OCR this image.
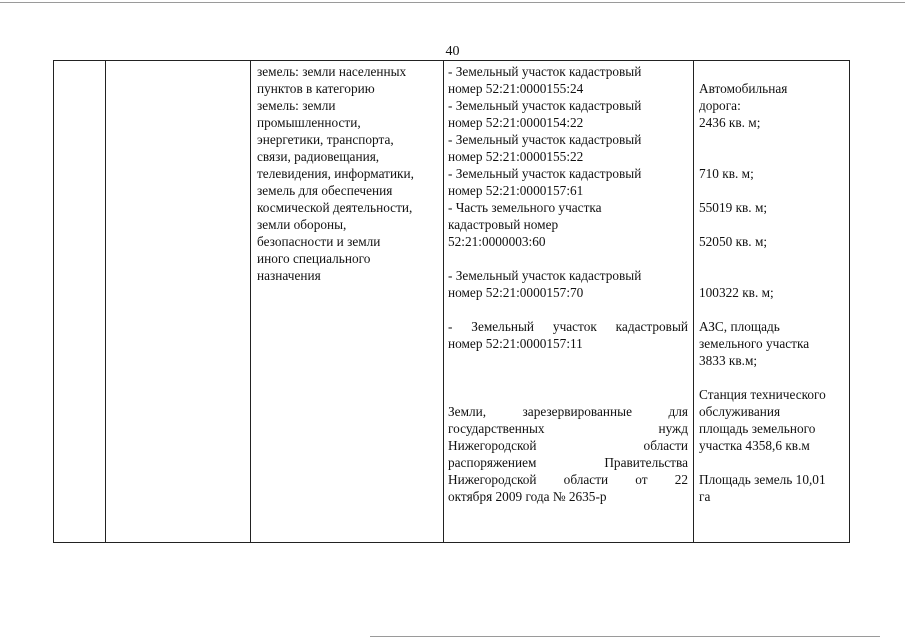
40
земель: земли населенных
пунктов в категорию
земель: земли
промышленности,
энергетики, транспорта,
связи, радиовещания,
телевидения, информатики,
земель для обеспечения
космической деятельности,
земли обороны,
безопасности и земли
иного специального
назначения
- Земельный участок кадастровый
номер 52:21:0000155:24
- Земельный участок кадастровый
номер 52:21:0000154:22
- Земельный участок кадастровый
номер 52:21:0000155:22
- Земельный участок кадастровый
номер 52:21:0000157:61
- Часть земельного участка
кадастровый номер
52:21:0000003:60
- Земельный участок кадастровый
номер 52:21:0000157:70
- Земельный участок кадастровый
номер 52:21:0000157:11
Земли, зарезервированные для
государственных нужд
Нижегородской области
распоряжением Правительства
Нижегородской области от 22
октября 2009 года № 2635-р
Автомобильная
дорога:
2436 кв. м;
710 кв. м;
55019 кв. м;
52050 кв. м;
100322 кв. м;
АЗС, площадь
земельного участка
3833 кв.м;
Станция технического
обслуживания
площадь земельного
участка 4358,6 кв.м
Площадь земель 10,01
га
